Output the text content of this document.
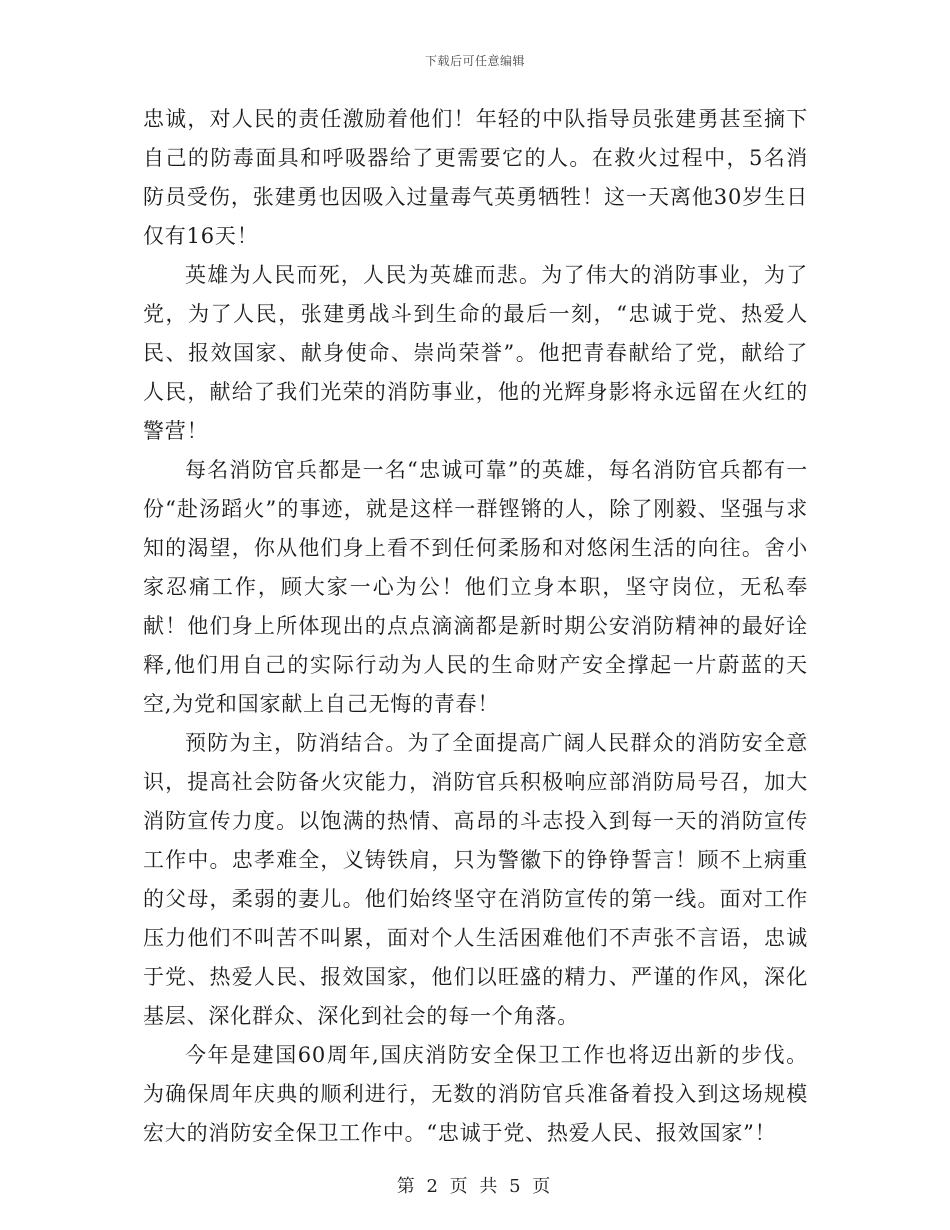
下载后可任意编辑

忠诚，对人民的责任激励着他们！年轻的中队指导员张建勇甚至摘下自己的防毒面具和呼吸器给了更需要它的人。在救火过程中，5名消防员受伤，张建勇也因吸入过量毒气英勇牺牲！这一天离他30岁生日仅有16天！

英雄为人民而死，人民为英雄而悲。为了伟大的消防事业，为了党，为了人民，张建勇战斗到生命的最后一刻，“忠诚于党、热爱人民、报效国家、献身使命、崇尚荣誉”。他把青春献给了党，献给了人民，献给了我们光荣的消防事业，他的光辉身影将永远留在火红的警营！

每名消防官兵都是一名“忠诚可靠”的英雄，每名消防官兵都有一份“赴汤蹈火”的事迹，就是这样一群铿锵的人，除了刚毅、坚强与求知的渴望，你从他们身上看不到任何柔肠和对悠闲生活的向往。舍小家忍痛工作，顾大家一心为公！他们立身本职，坚守岗位，无私奉献！他们身上所体现出的点点滴滴都是新时期公安消防精神的最好诠释,他们用自己的实际行动为人民的生命财产安全撑起一片蔚蓝的天空,为党和国家献上自己无悔的青春！

预防为主，防消结合。为了全面提高广阔人民群众的消防安全意识，提高社会防备火灾能力，消防官兵积极响应部消防局号召，加大消防宣传力度。以饱满的热情、高昂的斗志投入到每一天的消防宣传工作中。忠孝难全，义铸铁肩，只为警徽下的铮铮誓言！顾不上病重的父母，柔弱的妻儿。他们始终坚守在消防宣传的第一线。面对工作压力他们不叫苦不叫累，面对个人生活困难他们不声张不言语，忠诚于党、热爱人民、报效国家，他们以旺盛的精力、严谨的作风，深化基层、深化群众、深化到社会的每一个角落。

今年是建国60周年,国庆消防安全保卫工作也将迈出新的步伐。为确保周年庆典的顺利进行，无数的消防官兵准备着投入到这场规模宏大的消防安全保卫工作中。“忠诚于党、热爱人民、报效国家”！

第 2 页 共 5 页
